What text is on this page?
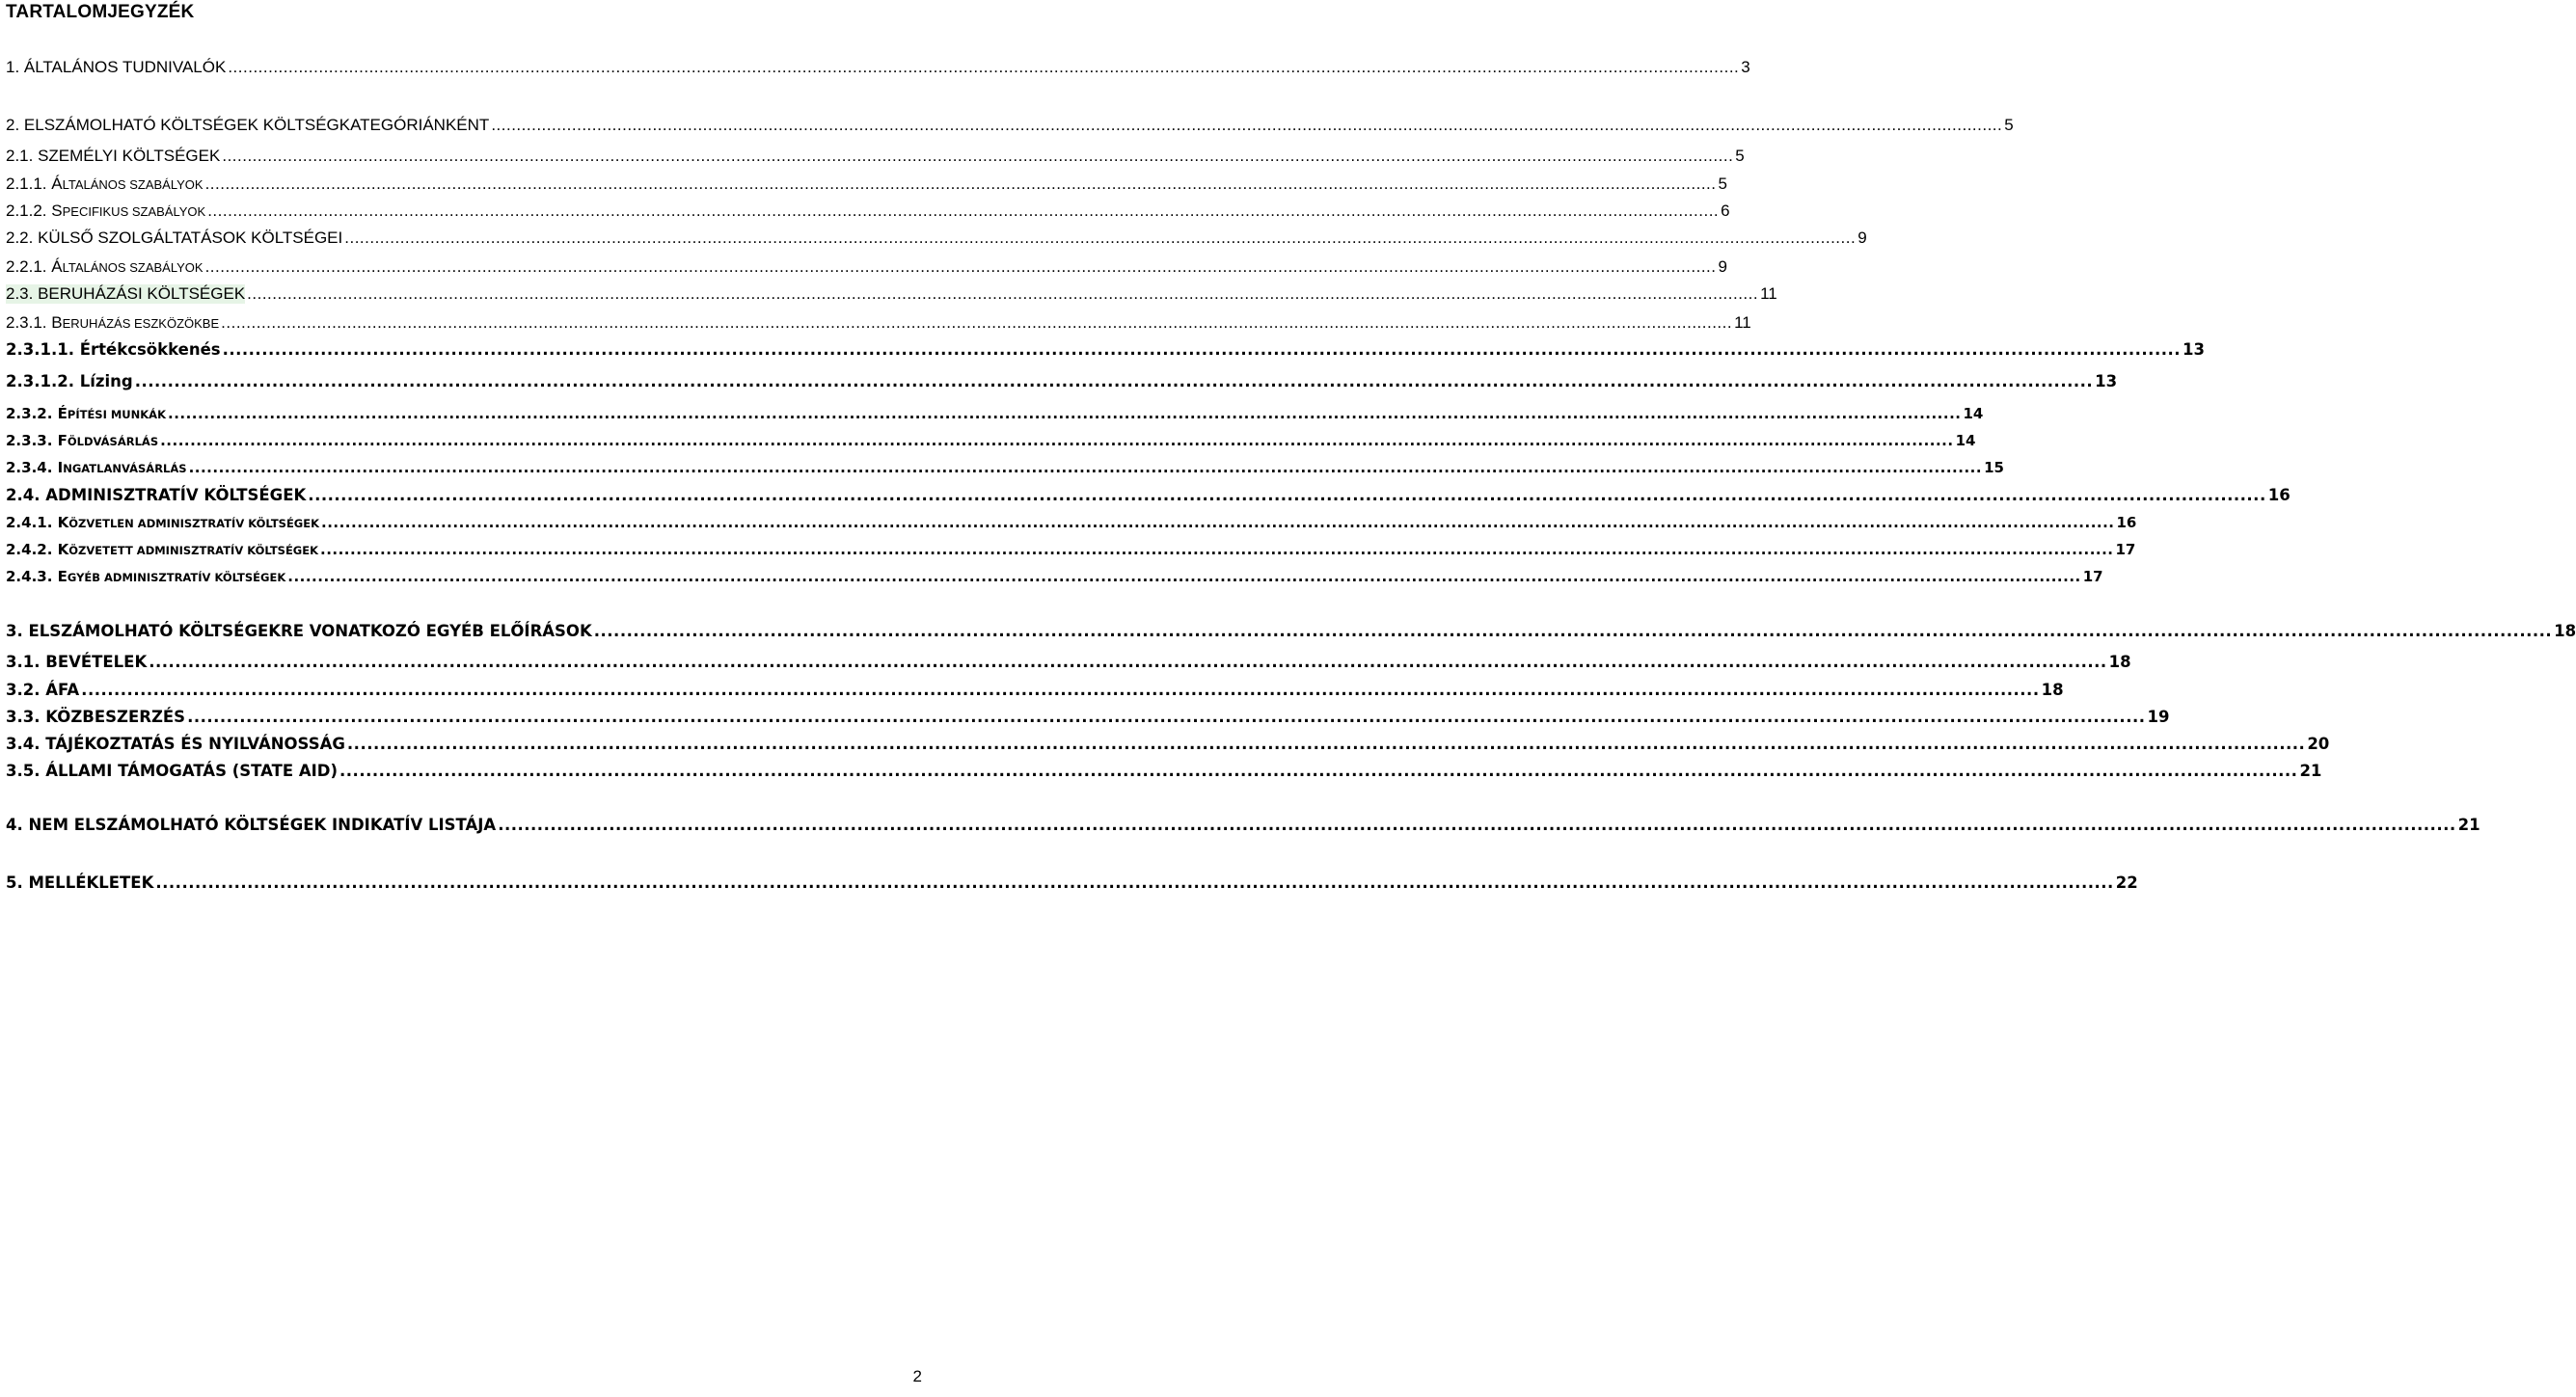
TARTALOMJEGYZÉK
1. ÁLTALÁNOS TUDNIVALÓK ............................................................................................................................................................................................................................................................................................................ 3
2. ELSZÁMOLHATÓ KÖLTSÉGEK KÖLTSÉGKATEGÓRIÁNKÉNT ............................................................................................................................................................................................................................................................................................................ 5
2.1. SZEMÉLYI KÖLTSÉGEK ............................................................................................................................................................................................................................................................................................................ 5
2.1.1. ÁLTALÁNOS SZABÁLYOK ............................................................................................................................................................................................................................................................................................................ 5
2.1.2. SPECIFIKUS SZABÁLYOK ............................................................................................................................................................................................................................................................................................................ 6
2.2. KÜLSŐ SZOLGÁLTATÁSOK KÖLTSÉGEI ............................................................................................................................................................................................................................................................................................................ 9
2.2.1. ÁLTALÁNOS SZABÁLYOK ............................................................................................................................................................................................................................................................................................................ 9
2.3. BERUHÁZÁSI KÖLTSÉGEK ............................................................................................................................................................................................................................................................................................................ 11
2.3.1. BERUHÁZÁS ESZKÖZÖKBE ............................................................................................................................................................................................................................................................................................................ 11
2.3.1.1. Értékcsökkenés ............................................................................................................................................................................................................................................................................................................ 13
2.3.1.2. Lízing ............................................................................................................................................................................................................................................................................................................ 13
2.3.2. ÉPÍTÉSI MUNKÁK ............................................................................................................................................................................................................................................................................................................ 14
2.3.3. FÖLDVÁSÁRLÁS ............................................................................................................................................................................................................................................................................................................ 14
2.3.4. INGATLANVÁSÁRLÁS ............................................................................................................................................................................................................................................................................................................ 15
2.4. ADMINISZTRATÍV KÖLTSÉGEK ............................................................................................................................................................................................................................................................................................................ 16
2.4.1. KÖZVETLEN ADMINISZTRATÍV KÖLTSÉGEK ............................................................................................................................................................................................................................................................................................................ 16
2.4.2. KÖZVETETT ADMINISZTRATÍV KÖLTSÉGEK ............................................................................................................................................................................................................................................................................................................ 17
2.4.3. EGYÉB ADMINISZTRATÍV KÖLTSÉGEK ............................................................................................................................................................................................................................................................................................................ 17
3. ELSZÁMOLHATÓ KÖLTSÉGEKRE VONATKOZÓ EGYÉB ELŐÍRÁSOK ............................................................................................................................................................................................................................................................................................................ 18
3.1. BEVÉTELEK ............................................................................................................................................................................................................................................................................................................ 18
3.2. ÁFA ............................................................................................................................................................................................................................................................................................................ 18
3.3. KÖZBESZERZÉS ............................................................................................................................................................................................................................................................................................................ 19
3.4. TÁJÉKOZTATÁS ÉS NYILVÁNOSSÁG ............................................................................................................................................................................................................................................................................................................ 20
3.5. ÁLLAMI TÁMOGATÁS (STATE AID) ............................................................................................................................................................................................................................................................................................................ 21
4. NEM ELSZÁMOLHATÓ KÖLTSÉGEK INDIKATÍV LISTÁJA ............................................................................................................................................................................................................................................................................................................ 21
5. MELLÉKLETEK ............................................................................................................................................................................................................................................................................................................ 22
2
